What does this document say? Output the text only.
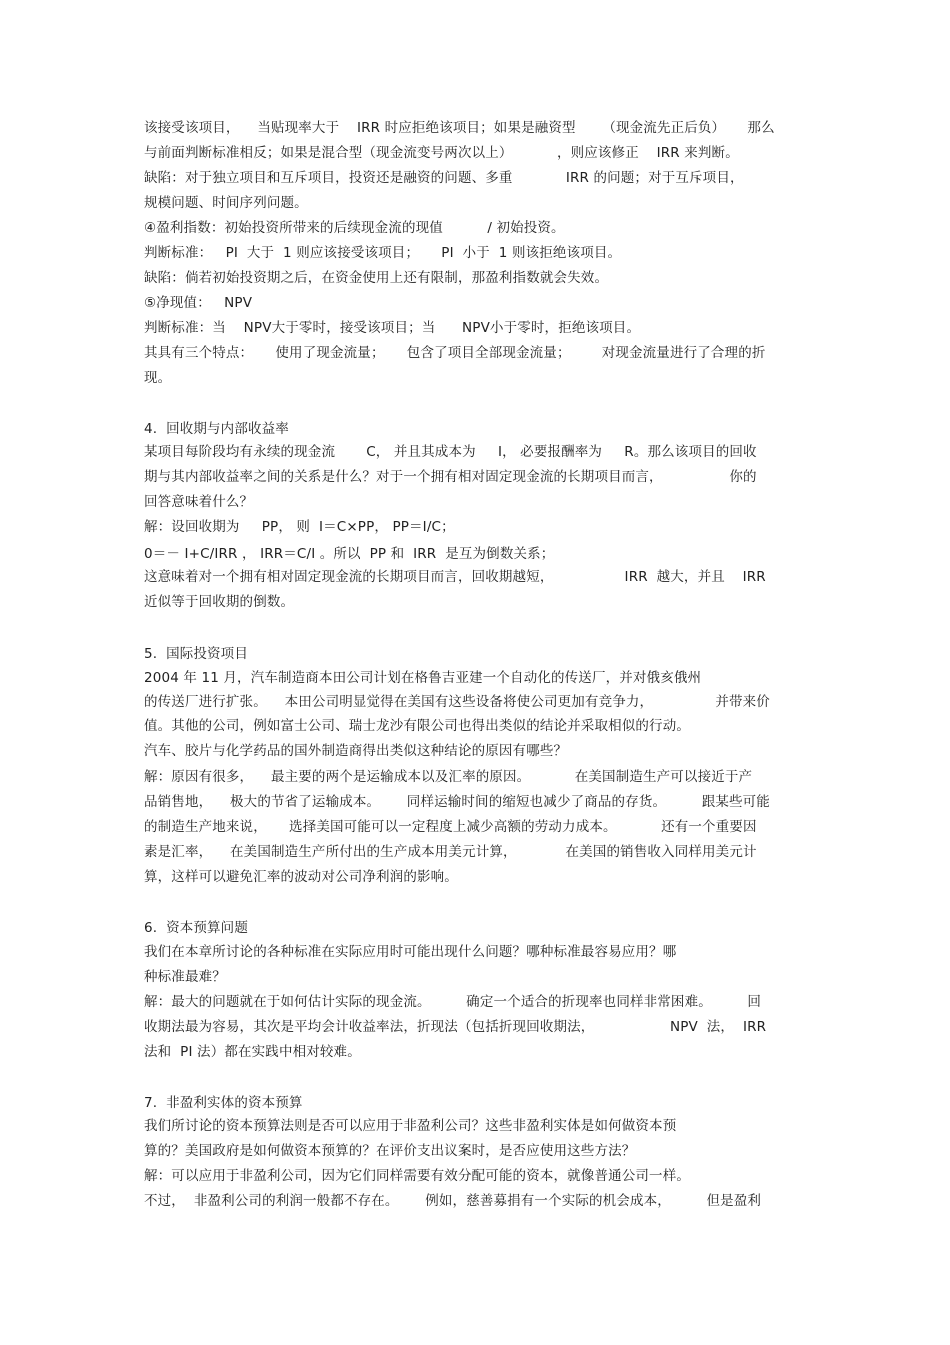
该接受该项目，    当贴现率大于    IRR 时应拒绝该项目；如果是融资型      （现金流先正后负）     那么
与前面判断标准相反；如果是混合型（现金流变号两次以上）          ，则应该修正    IRR 来判断。
缺陷：对于独立项目和互斥项目，投资还是融资的问题、多重            IRR 的问题；对于互斥项目，
规模问题、时间序列问题。
④盈利指数：初始投资所带来的后续现金流的现值          / 初始投资。
判断标准：   PI  大于  1 则应该接受该项目；     PI  小于  1 则该拒绝该项目。
缺陷：倘若初始投资期之后，在资金使用上还有限制，那盈利指数就会失效。
⑤净现值：   NPV
判断标准：当    NPV大于零时，接受该项目；当      NPV小于零时，拒绝该项目。
其具有三个特点：     使用了现金流量；     包含了项目全部现金流量；       对现金流量进行了合理的折
现。
4.  回收期与内部收益率
某项目每阶段均有永续的现金流       C， 并且其成本为     I， 必要报酬率为     R。那么该项目的回收
期与其内部收益率之间的关系是什么？对于一个拥有相对固定现金流的长期项目而言，               你的
回答意味着什么？
解：设回收期为     PP， 则  I＝C×PP， PP＝I/C；
0＝－ I+C/IRR ， IRR＝C/I 。所以  PP 和  IRR  是互为倒数关系；
这意味着对一个拥有相对固定现金流的长期项目而言，回收期越短，                IRR  越大，并且    IRR
近似等于回收期的倒数。
5.  国际投资项目
2004 年 11 月，汽车制造商本田公司计划在格鲁吉亚建一个自动化的传送厂，并对俄亥俄州
的传送厂进行扩张。    本田公司明显觉得在美国有这些设备将使公司更加有竞争力，              并带来价
值。其他的公司，例如富士公司、瑞士龙沙有限公司也得出类似的结论并采取相似的行动。
汽车、胶片与化学药品的国外制造商得出类似这种结论的原因有哪些？
解：原因有很多，    最主要的两个是运输成本以及汇率的原因。          在美国制造生产可以接近于产
品销售地，    极大的节省了运输成本。      同样运输时间的缩短也减少了商品的存货。        跟某些可能
的制造生产地来说，     选择美国可能可以一定程度上减少高额的劳动力成本。          还有一个重要因
素是汇率，    在美国制造生产所付出的生产成本用美元计算，           在美国的销售收入同样用美元计
算，这样可以避免汇率的波动对公司净利润的影响。
6.  资本预算问题
我们在本章所讨论的各种标准在实际应用时可能出现什么问题？哪种标准最容易应用？哪
种标准最难？
解：最大的问题就在于如何估计实际的现金流。        确定一个适合的折现率也同样非常困难。        回
收期法最为容易，其次是平均会计收益率法，折现法（包括折现回收期法，                 NPV  法，  IRR
法和  PI 法）都在实践中相对较难。
7.  非盈利实体的资本预算
我们所讨论的资本预算法则是否可以应用于非盈利公司？这些非盈利实体是如何做资本预
算的？美国政府是如何做资本预算的？在评价支出议案时，是否应使用这些方法？
解：可以应用于非盈利公司，因为它们同样需要有效分配可能的资本，就像普通公司一样。
不过，  非盈利公司的利润一般都不存在。      例如，慈善募捐有一个实际的机会成本，        但是盈利
